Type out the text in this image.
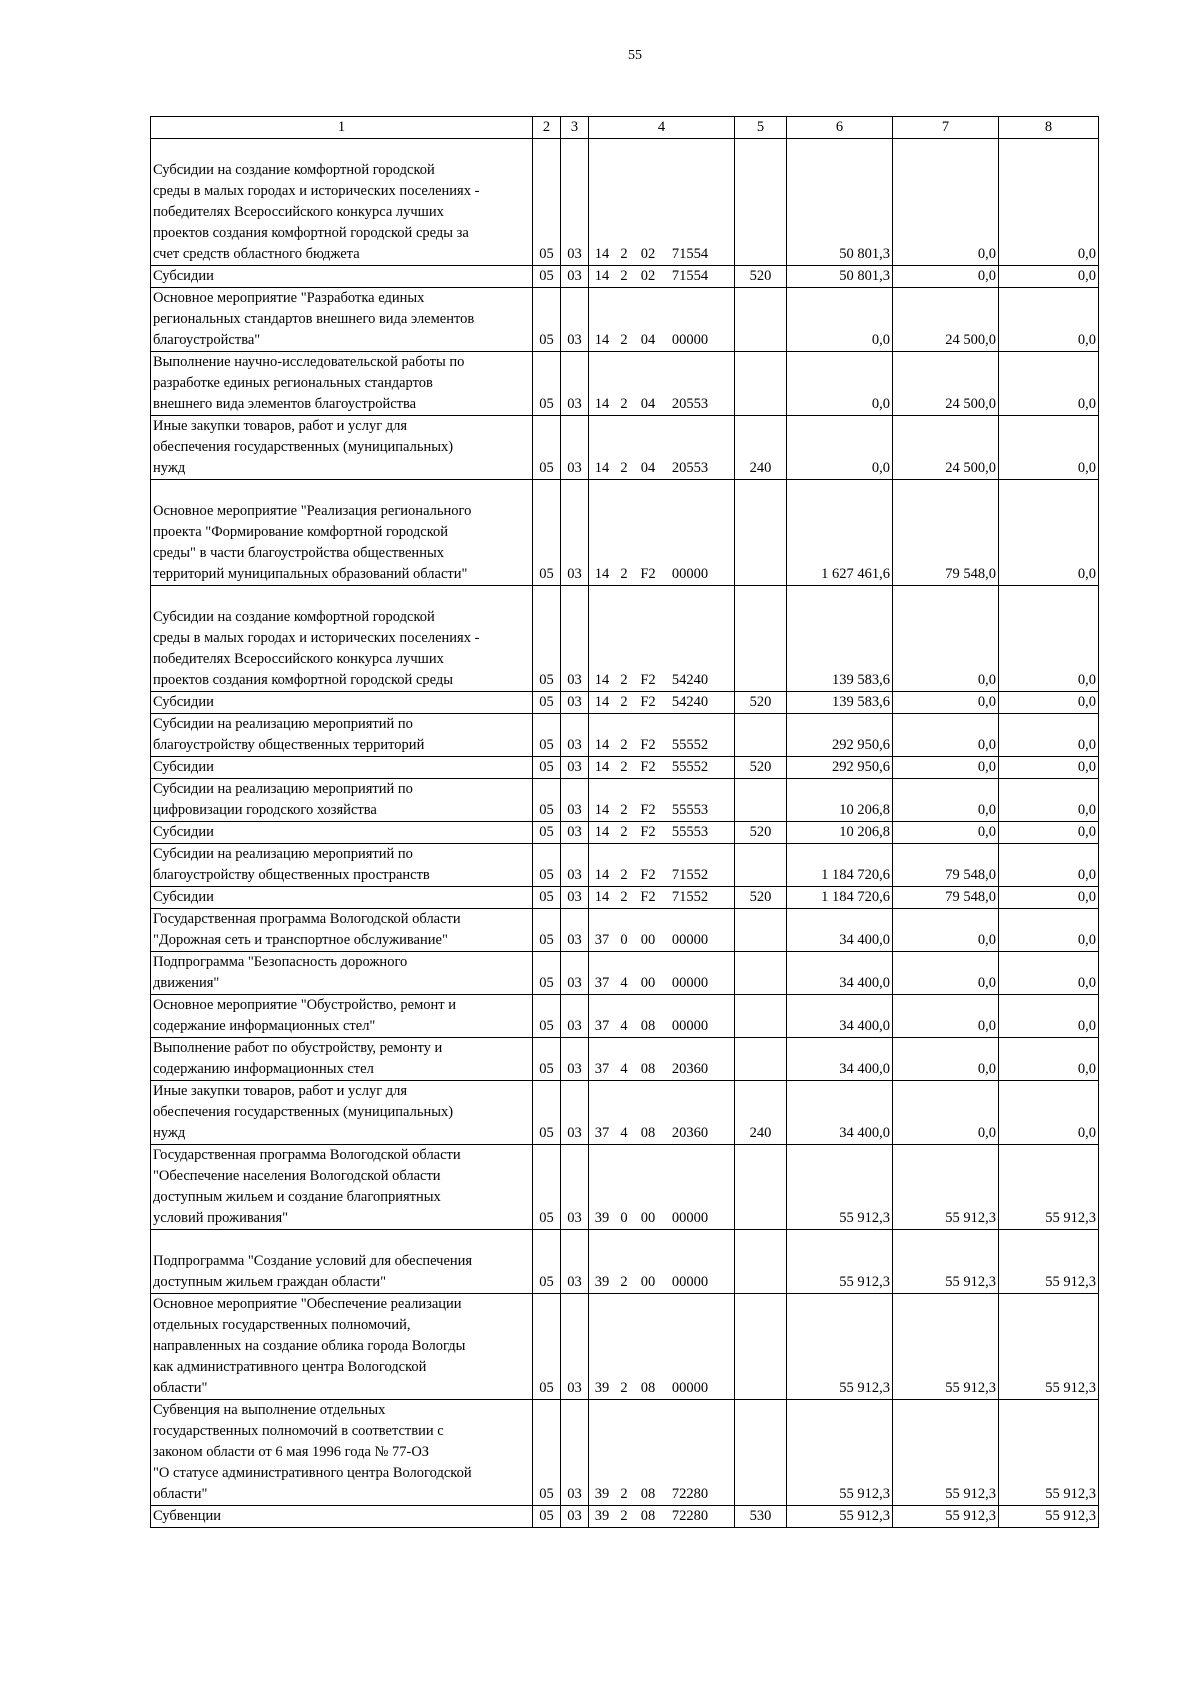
55
1	2	3	4	5	6	7	8
Субсидии на создание комфортной городской
среды в малых городах и исторических поселениях -
победителях Всероссийского конкурса лучших
проектов создания комфортной городской среды за
счет средств областного бюджета	05	03	14 2 02 71554		50 801,3	0,0	0,0
Субсидии	05	03	14 2 02 71554	520	50 801,3	0,0	0,0
Основное мероприятие "Разработка единых
региональных стандартов внешнего вида элементов
благоустройства"	05	03	14 2 04 00000		0,0	24 500,0	0,0
Выполнение научно-исследовательской работы по
разработке единых региональных стандартов
внешнего вида элементов благоустройства	05	03	14 2 04 20553		0,0	24 500,0	0,0
Иные закупки товаров, работ и услуг для
обеспечения государственных (муниципальных)
нужд	05	03	14 2 04 20553	240	0,0	24 500,0	0,0
Основное мероприятие "Реализация регионального
проекта "Формирование комфортной городской
среды" в части благоустройства общественных
территорий муниципальных образований области"	05	03	14 2 F2 00000		1 627 461,6	79 548,0	0,0
Субсидии на создание комфортной городской
среды в малых городах и исторических поселениях -
победителях Всероссийского конкурса лучших
проектов создания комфортной городской среды	05	03	14 2 F2 54240		139 583,6	0,0	0,0
Субсидии	05	03	14 2 F2 54240	520	139 583,6	0,0	0,0
Субсидии на реализацию мероприятий по
благоустройству общественных территорий	05	03	14 2 F2 55552		292 950,6	0,0	0,0
Субсидии	05	03	14 2 F2 55552	520	292 950,6	0,0	0,0
Субсидии на реализацию мероприятий по
цифровизации городского хозяйства	05	03	14 2 F2 55553		10 206,8	0,0	0,0
Субсидии	05	03	14 2 F2 55553	520	10 206,8	0,0	0,0
Субсидии на реализацию мероприятий по
благоустройству общественных пространств	05	03	14 2 F2 71552		1 184 720,6	79 548,0	0,0
Субсидии	05	03	14 2 F2 71552	520	1 184 720,6	79 548,0	0,0
Государственная программа Вологодской области
"Дорожная сеть и транспортное обслуживание"	05	03	37 0 00 00000		34 400,0	0,0	0,0
Подпрограмма "Безопасность дорожного
движения"	05	03	37 4 00 00000		34 400,0	0,0	0,0
Основное мероприятие "Обустройство, ремонт и
содержание информационных стел"	05	03	37 4 08 00000		34 400,0	0,0	0,0
Выполнение работ по обустройству, ремонту и
содержанию информационных стел	05	03	37 4 08 20360		34 400,0	0,0	0,0
Иные закупки товаров, работ и услуг для
обеспечения государственных (муниципальных)
нужд	05	03	37 4 08 20360	240	34 400,0	0,0	0,0
Государственная программа Вологодской области
"Обеспечение населения Вологодской области
доступным жильем и создание благоприятных
условий проживания"	05	03	39 0 00 00000		55 912,3	55 912,3	55 912,3
Подпрограмма "Создание условий для обеспечения
доступным жильем граждан области"	05	03	39 2 00 00000		55 912,3	55 912,3	55 912,3
Основное мероприятие "Обеспечение реализации
отдельных государственных полномочий,
направленных на создание облика города Вологды
как административного центра Вологодской
области"	05	03	39 2 08 00000		55 912,3	55 912,3	55 912,3
Субвенция на выполнение отдельных
государственных полномочий в соответствии с
законом области от 6 мая 1996 года № 77-ОЗ
"О статусе административного центра Вологодской
области"	05	03	39 2 08 72280		55 912,3	55 912,3	55 912,3
Субвенции	05	03	39 2 08 72280	530	55 912,3	55 912,3	55 912,3
